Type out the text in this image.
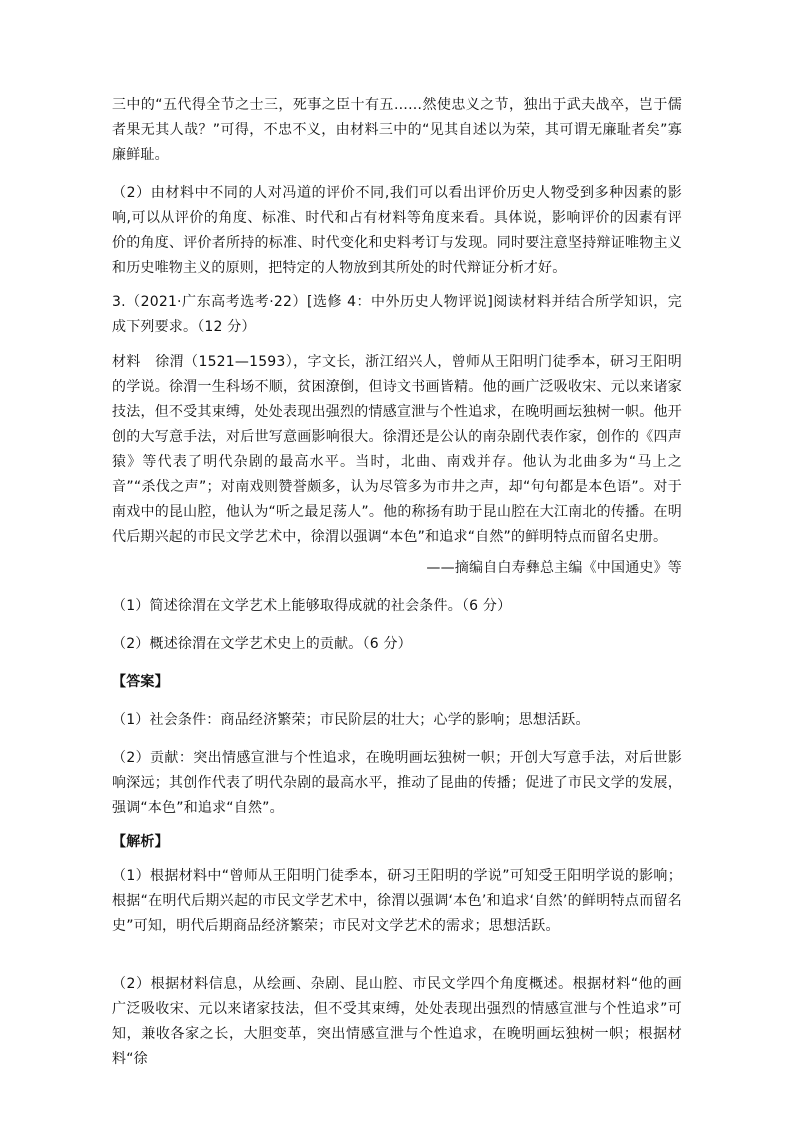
三中的“五代得全节之士三，死事之臣十有五……然使忠义之节，独出于武夫战卒，岂于儒者果无其人哉？”可得，不忠不义，由材料三中的“见其自述以为荣，其可谓无廉耻者矣”寡廉鲜耻。

（2）由材料中不同的人对冯道的评价不同,我们可以看出评价历史人物受到多种因素的影响,可以从评价的角度、标准、时代和占有材料等角度来看。具体说，影响评价的因素有评价的角度、评价者所持的标准、时代变化和史料考订与发现。同时要注意坚持辩证唯物主义和历史唯物主义的原则，把特定的人物放到其所处的时代辩证分析才好。

3.（2021·广东高考选考·22）[选修 4：中外历史人物评说]阅读材料并结合所学知识，完成下列要求。（12 分）

材料　徐渭（1521—1593），字文长，浙江绍兴人，曾师从王阳明门徒季本，研习王阳明的学说。徐渭一生科场不顺，贫困潦倒，但诗文书画皆精。他的画广泛吸收宋、元以来诸家技法，但不受其束缚，处处表现出强烈的情感宣泄与个性追求，在晚明画坛独树一帜。他开创的大写意手法，对后世写意画影响很大。徐渭还是公认的南杂剧代表作家，创作的《四声猿》等代表了明代杂剧的最高水平。当时，北曲、南戏并存。他认为北曲多为“马上之音”“杀伐之声”；对南戏则赞誉颇多，认为尽管多为市井之声，却“句句都是本色语”。对于南戏中的昆山腔，他认为“听之最足荡人”。他的称扬有助于昆山腔在大江南北的传播。在明代后期兴起的市民文学艺术中，徐渭以强调“本色”和追求“自然”的鲜明特点而留名史册。

——摘编自白寿彝总主编《中国通史》等

（1）简述徐渭在文学艺术上能够取得成就的社会条件。（6 分）

（2）概述徐渭在文学艺术史上的贡献。（6 分）

【答案】

（1）社会条件：商品经济繁荣；市民阶层的壮大；心学的影响；思想活跃。

（2）贡献：突出情感宣泄与个性追求，在晚明画坛独树一帜；开创大写意手法，对后世影响深远；其创作代表了明代杂剧的最高水平，推动了昆曲的传播；促进了市民文学的发展，强调“本色”和追求“自然”。

【解析】

（1）根据材料中“曾师从王阳明门徒季本，研习王阳明的学说”可知受王阳明学说的影响；根据“在明代后期兴起的市民文学艺术中，徐渭以强调‘本色’和追求‘自然’的鲜明特点而留名史”可知，明代后期商品经济繁荣；市民对文学艺术的需求；思想活跃。

（2）根据材料信息，从绘画、杂剧、昆山腔、市民文学四个角度概述。根据材料“他的画广泛吸收宋、元以来诸家技法，但不受其束缚，处处表现出强烈的情感宣泄与个性追求”可知，兼收各家之长，大胆变革，突出情感宣泄与个性追求，在晚明画坛独树一帜；根据材料“徐
